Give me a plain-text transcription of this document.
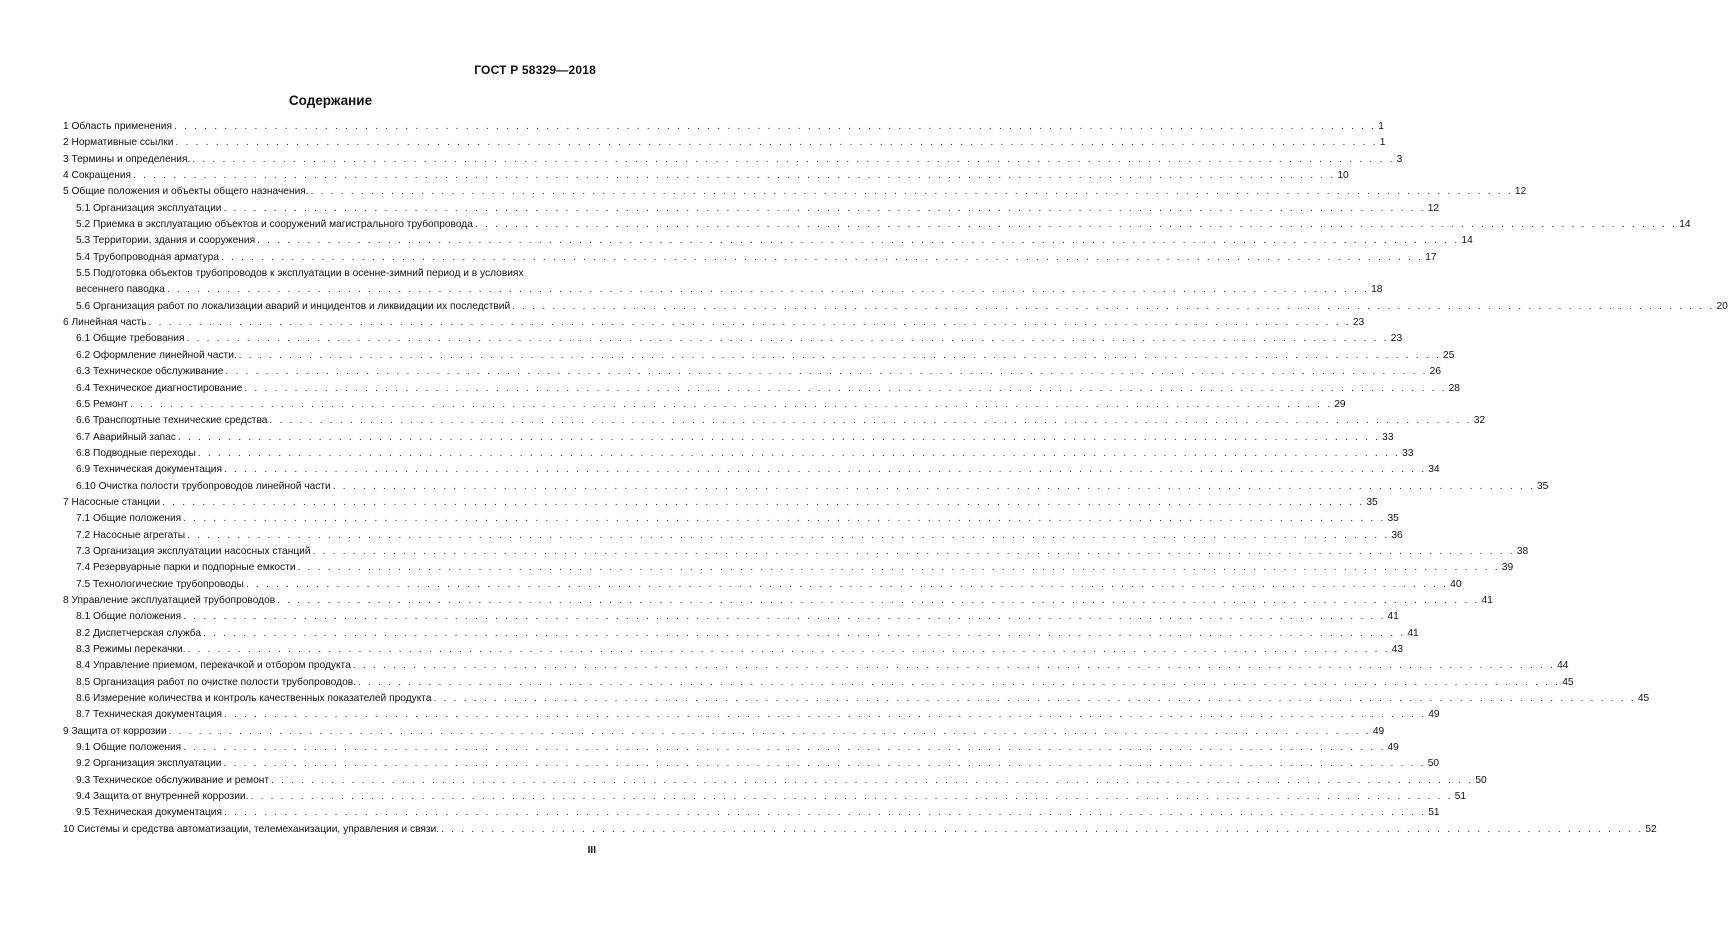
ГОСТ Р 58329—2018
Содержание
1 Область применения . . . . . . . . . . . . . . . . . . . . . . . . . . . . . . . . . . . . . . . . . . . . . . . . . . . . . . . . . . . . . . . . . . . . . . . . . . . . . . . . . . . . . . . . . . . . . . . . . . . . . . . . . . . . . . . . . . . . . . . . 1
2 Нормативные ссылки . . . . . . . . . . . . . . . . . . . . . . . . . . . . . . . . . . . . . . . . . . . . . . . . . . . . . . . . . . . . . . . . . . . . . . . . . . . . . . . . . . . . . . . . . . . . . . . . . . . . . . . . . . . . . . . . . . . . . . . . 1
3 Термины и определения. . . . . . . . . . . . . . . . . . . . . . . . . . . . . . . . . . . . . . . . . . . . . . . . . . . . . . . . . . . . . . . . . . . . . . . . . . . . . . . . . . . . . . . . . . . . . . . . . . . . . . . . . . . . . . . . . . . . . . . . . 3
4 Сокращения . . . . . . . . . . . . . . . . . . . . . . . . . . . . . . . . . . . . . . . . . . . . . . . . . . . . . . . . . . . . . . . . . . . . . . . . . . . . . . . . . . . . . . . . . . . . . . . . . . . . . . . . . . . . . . . . . . . . . . . . 10
5 Общие положения и объекты общего назначения. . . . . . . . . . . . . . . . . . . . . . . . . . . . . . . . . . . . . . . . . . . . . . . . . . . . . . . . . . . . . . . . . . . . . . . . . . . . . . . . . . . . . . . . . . . . . . . . . . . . . . . . . . . . . . . . . . . . . . . . . 12
5.1 Организация эксплуатации . . . . . . . . . . . . . . . . . . . . . . . . . . . . . . . . . . . . . . . . . . . . . . . . . . . . . . . . . . . . . . . . . . . . . . . . . . . . . . . . . . . . . . . . . . . . . . . . . . . . . . . . . . . . . . . . . . . . . . . . 12
5.2 Приемка в эксплуатацию объектов и сооружений магистрального трубопровода . . . . . . . . . . . . . . . . . . . . . . . . . . . . . . . . . . . . . . . . . . . . . . . . . . . . . . . . . . . . . . . . . . . . . . . . . . . . . . . . . . . . . . . . . . . . . . . . . . . . . . . . . . . . . . . . . . . . . . . . 14
5.3 Территории, здания и сооружения . . . . . . . . . . . . . . . . . . . . . . . . . . . . . . . . . . . . . . . . . . . . . . . . . . . . . . . . . . . . . . . . . . . . . . . . . . . . . . . . . . . . . . . . . . . . . . . . . . . . . . . . . . . . . . . . . . . . . . . . 14
5.4 Трубопроводная арматура . . . . . . . . . . . . . . . . . . . . . . . . . . . . . . . . . . . . . . . . . . . . . . . . . . . . . . . . . . . . . . . . . . . . . . . . . . . . . . . . . . . . . . . . . . . . . . . . . . . . . . . . . . . . . . . . . . . . . . . . 17
5.5 Подготовка объектов трубопроводов к эксплуатации в осенне-зимний период и в условиях
весеннего паводка . . . . . . . . . . . . . . . . . . . . . . . . . . . . . . . . . . . . . . . . . . . . . . . . . . . . . . . . . . . . . . . . . . . . . . . . . . . . . . . . . . . . . . . . . . . . . . . . . . . . . . . . . . . . . . . . . . . . . . . . 18
5.6 Организация работ по локализации аварий и инцидентов и ликвидации их последствий . . . . . . . . . . . . . . . . . . . . . . . . . . . . . . . . . . . . . . . . . . . . . . . . . . . . . . . . . . . . . . . . . . . . . . . . . . . . . . . . . . . . . . . . . . . . . . . . . . . . . . . . . . . . . . . . . . . . . . . . 20
6 Линейная часть . . . . . . . . . . . . . . . . . . . . . . . . . . . . . . . . . . . . . . . . . . . . . . . . . . . . . . . . . . . . . . . . . . . . . . . . . . . . . . . . . . . . . . . . . . . . . . . . . . . . . . . . . . . . . . . . . . . . . . . . 23
6.1 Общие требования . . . . . . . . . . . . . . . . . . . . . . . . . . . . . . . . . . . . . . . . . . . . . . . . . . . . . . . . . . . . . . . . . . . . . . . . . . . . . . . . . . . . . . . . . . . . . . . . . . . . . . . . . . . . . . . . . . . . . . . . 23
6.2 Оформление линейной части. . . . . . . . . . . . . . . . . . . . . . . . . . . . . . . . . . . . . . . . . . . . . . . . . . . . . . . . . . . . . . . . . . . . . . . . . . . . . . . . . . . . . . . . . . . . . . . . . . . . . . . . . . . . . . . . . . . . . . . . . 25
6.3 Техническое обслуживание . . . . . . . . . . . . . . . . . . . . . . . . . . . . . . . . . . . . . . . . . . . . . . . . . . . . . . . . . . . . . . . . . . . . . . . . . . . . . . . . . . . . . . . . . . . . . . . . . . . . . . . . . . . . . . . . . . . . . . . . 26
6.4 Техническое диагностирование . . . . . . . . . . . . . . . . . . . . . . . . . . . . . . . . . . . . . . . . . . . . . . . . . . . . . . . . . . . . . . . . . . . . . . . . . . . . . . . . . . . . . . . . . . . . . . . . . . . . . . . . . . . . . . . . . . . . . . . . 28
6.5 Ремонт . . . . . . . . . . . . . . . . . . . . . . . . . . . . . . . . . . . . . . . . . . . . . . . . . . . . . . . . . . . . . . . . . . . . . . . . . . . . . . . . . . . . . . . . . . . . . . . . . . . . . . . . . . . . . . . . . . . . . . . . 29
6.6 Транспортные технические средства . . . . . . . . . . . . . . . . . . . . . . . . . . . . . . . . . . . . . . . . . . . . . . . . . . . . . . . . . . . . . . . . . . . . . . . . . . . . . . . . . . . . . . . . . . . . . . . . . . . . . . . . . . . . . . . . . . . . . . . . 32
6.7 Аварийный запас . . . . . . . . . . . . . . . . . . . . . . . . . . . . . . . . . . . . . . . . . . . . . . . . . . . . . . . . . . . . . . . . . . . . . . . . . . . . . . . . . . . . . . . . . . . . . . . . . . . . . . . . . . . . . . . . . . . . . . . . 33
6.8 Подводные переходы . . . . . . . . . . . . . . . . . . . . . . . . . . . . . . . . . . . . . . . . . . . . . . . . . . . . . . . . . . . . . . . . . . . . . . . . . . . . . . . . . . . . . . . . . . . . . . . . . . . . . . . . . . . . . . . . . . . . . . . . 33
6.9 Техническая документация . . . . . . . . . . . . . . . . . . . . . . . . . . . . . . . . . . . . . . . . . . . . . . . . . . . . . . . . . . . . . . . . . . . . . . . . . . . . . . . . . . . . . . . . . . . . . . . . . . . . . . . . . . . . . . . . . . . . . . . . 34
6.10 Очистка полости трубопроводов линейной части . . . . . . . . . . . . . . . . . . . . . . . . . . . . . . . . . . . . . . . . . . . . . . . . . . . . . . . . . . . . . . . . . . . . . . . . . . . . . . . . . . . . . . . . . . . . . . . . . . . . . . . . . . . . . . . . . . . . . . . . 35
7 Насосные станции . . . . . . . . . . . . . . . . . . . . . . . . . . . . . . . . . . . . . . . . . . . . . . . . . . . . . . . . . . . . . . . . . . . . . . . . . . . . . . . . . . . . . . . . . . . . . . . . . . . . . . . . . . . . . . . . . . . . . . . . 35
7.1 Общие положения . . . . . . . . . . . . . . . . . . . . . . . . . . . . . . . . . . . . . . . . . . . . . . . . . . . . . . . . . . . . . . . . . . . . . . . . . . . . . . . . . . . . . . . . . . . . . . . . . . . . . . . . . . . . . . . . . . . . . . . . 35
7.2 Насосные агрегаты . . . . . . . . . . . . . . . . . . . . . . . . . . . . . . . . . . . . . . . . . . . . . . . . . . . . . . . . . . . . . . . . . . . . . . . . . . . . . . . . . . . . . . . . . . . . . . . . . . . . . . . . . . . . . . . . . . . . . . . . 36
7.3 Организация эксплуатации насосных станций . . . . . . . . . . . . . . . . . . . . . . . . . . . . . . . . . . . . . . . . . . . . . . . . . . . . . . . . . . . . . . . . . . . . . . . . . . . . . . . . . . . . . . . . . . . . . . . . . . . . . . . . . . . . . . . . . . . . . . . . 38
7.4 Резервуарные парки и подпорные емкости . . . . . . . . . . . . . . . . . . . . . . . . . . . . . . . . . . . . . . . . . . . . . . . . . . . . . . . . . . . . . . . . . . . . . . . . . . . . . . . . . . . . . . . . . . . . . . . . . . . . . . . . . . . . . . . . . . . . . . . . 39
7.5 Технологические трубопроводы . . . . . . . . . . . . . . . . . . . . . . . . . . . . . . . . . . . . . . . . . . . . . . . . . . . . . . . . . . . . . . . . . . . . . . . . . . . . . . . . . . . . . . . . . . . . . . . . . . . . . . . . . . . . . . . . . . . . . . . . 40
8 Управление эксплуатацией трубопроводов . . . . . . . . . . . . . . . . . . . . . . . . . . . . . . . . . . . . . . . . . . . . . . . . . . . . . . . . . . . . . . . . . . . . . . . . . . . . . . . . . . . . . . . . . . . . . . . . . . . . . . . . . . . . . . . . . . . . . . . . 41
8.1 Общие положения . . . . . . . . . . . . . . . . . . . . . . . . . . . . . . . . . . . . . . . . . . . . . . . . . . . . . . . . . . . . . . . . . . . . . . . . . . . . . . . . . . . . . . . . . . . . . . . . . . . . . . . . . . . . . . . . . . . . . . . . 41
8.2 Диспетчерская служба . . . . . . . . . . . . . . . . . . . . . . . . . . . . . . . . . . . . . . . . . . . . . . . . . . . . . . . . . . . . . . . . . . . . . . . . . . . . . . . . . . . . . . . . . . . . . . . . . . . . . . . . . . . . . . . . . . . . . . . . 41
8.3 Режимы перекачки. . . . . . . . . . . . . . . . . . . . . . . . . . . . . . . . . . . . . . . . . . . . . . . . . . . . . . . . . . . . . . . . . . . . . . . . . . . . . . . . . . . . . . . . . . . . . . . . . . . . . . . . . . . . . . . . . . . . . . . . . 43
8.4 Управление приемом, перекачкой и отбором продукта . . . . . . . . . . . . . . . . . . . . . . . . . . . . . . . . . . . . . . . . . . . . . . . . . . . . . . . . . . . . . . . . . . . . . . . . . . . . . . . . . . . . . . . . . . . . . . . . . . . . . . . . . . . . . . . . . . . . . . . . 44
8.5 Организация работ по очистке полости трубопроводов. . . . . . . . . . . . . . . . . . . . . . . . . . . . . . . . . . . . . . . . . . . . . . . . . . . . . . . . . . . . . . . . . . . . . . . . . . . . . . . . . . . . . . . . . . . . . . . . . . . . . . . . . . . . . . . . . . . . . . . . . 45
8.6 Измерение количества и контроль качественных показателей продукта . . . . . . . . . . . . . . . . . . . . . . . . . . . . . . . . . . . . . . . . . . . . . . . . . . . . . . . . . . . . . . . . . . . . . . . . . . . . . . . . . . . . . . . . . . . . . . . . . . . . . . . . . . . . . . . . . . . . . . . . 45
8.7 Техническая документация . . . . . . . . . . . . . . . . . . . . . . . . . . . . . . . . . . . . . . . . . . . . . . . . . . . . . . . . . . . . . . . . . . . . . . . . . . . . . . . . . . . . . . . . . . . . . . . . . . . . . . . . . . . . . . . . . . . . . . . . 49
9 Защита от коррозии . . . . . . . . . . . . . . . . . . . . . . . . . . . . . . . . . . . . . . . . . . . . . . . . . . . . . . . . . . . . . . . . . . . . . . . . . . . . . . . . . . . . . . . . . . . . . . . . . . . . . . . . . . . . . . . . . . . . . . . . 49
9.1 Общие положения . . . . . . . . . . . . . . . . . . . . . . . . . . . . . . . . . . . . . . . . . . . . . . . . . . . . . . . . . . . . . . . . . . . . . . . . . . . . . . . . . . . . . . . . . . . . . . . . . . . . . . . . . . . . . . . . . . . . . . . . 49
9.2 Организация эксплуатации . . . . . . . . . . . . . . . . . . . . . . . . . . . . . . . . . . . . . . . . . . . . . . . . . . . . . . . . . . . . . . . . . . . . . . . . . . . . . . . . . . . . . . . . . . . . . . . . . . . . . . . . . . . . . . . . . . . . . . . . 50
9.3 Техническое обслуживание и ремонт . . . . . . . . . . . . . . . . . . . . . . . . . . . . . . . . . . . . . . . . . . . . . . . . . . . . . . . . . . . . . . . . . . . . . . . . . . . . . . . . . . . . . . . . . . . . . . . . . . . . . . . . . . . . . . . . . . . . . . . . 50
9.4 Защита от внутренней коррозии. . . . . . . . . . . . . . . . . . . . . . . . . . . . . . . . . . . . . . . . . . . . . . . . . . . . . . . . . . . . . . . . . . . . . . . . . . . . . . . . . . . . . . . . . . . . . . . . . . . . . . . . . . . . . . . . . . . . . . . . . 51
9.5 Техническая документация . . . . . . . . . . . . . . . . . . . . . . . . . . . . . . . . . . . . . . . . . . . . . . . . . . . . . . . . . . . . . . . . . . . . . . . . . . . . . . . . . . . . . . . . . . . . . . . . . . . . . . . . . . . . . . . . . . . . . . . . 51
10 Системы и средства автоматизации, телемеханизации, управления и связи. . . . . . . . . . . . . . . . . . . . . . . . . . . . . . . . . . . . . . . . . . . . . . . . . . . . . . . . . . . . . . . . . . . . . . . . . . . . . . . . . . . . . . . . . . . . . . . . . . . . . . . . . . . . . . . . . . . . . . . . . 52
III
